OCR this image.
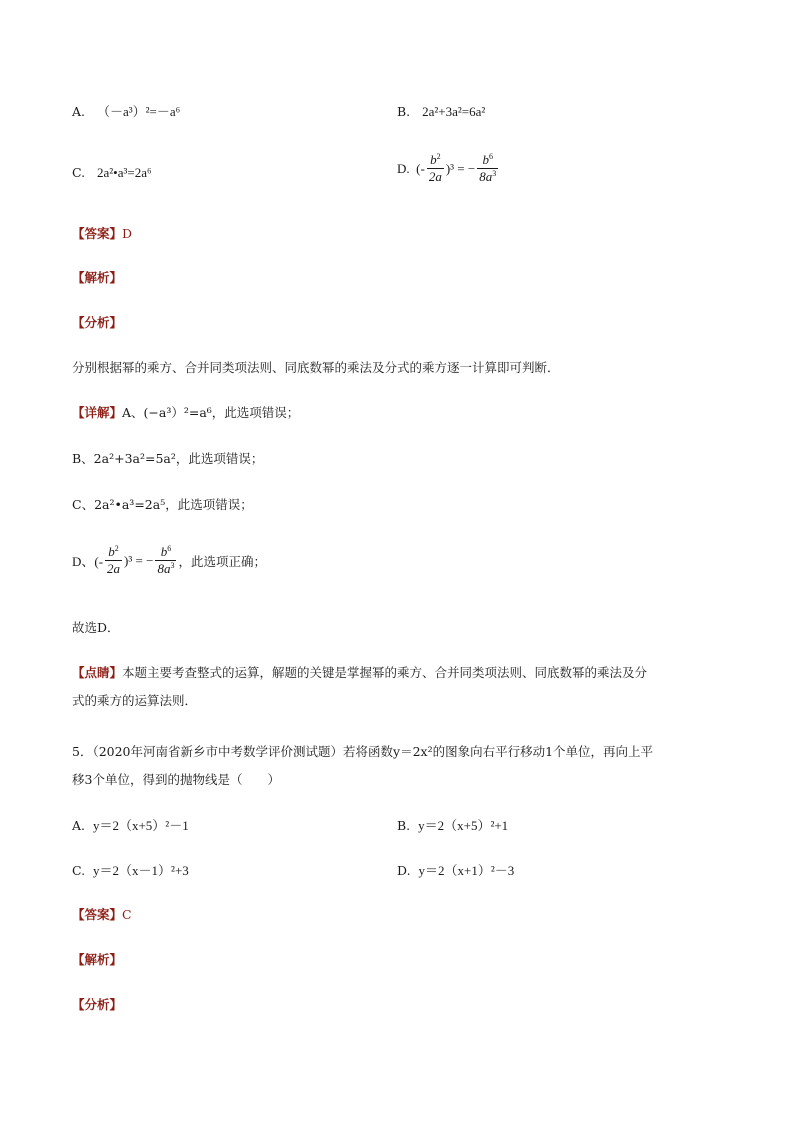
A. （－a³）²=－a⁶	B. 2a²+3a²=6a²
C. 2a²•a³=2a⁶	D.
(- $\frac{b^2}{2a} )^3$ = − $\frac{b^6}{8a^3}$
【答案】D
【解析】
【分析】
分别根据幂的乘方、合并同类项法则、同底数幂的乘法及分式的乘方逐一计算即可判断．
【详解】A、(−a³）²=a⁶，此选项错误；
B、2a²+3a²=5a²，此选项错误；
C、2a²•a³=2a⁵，此选项错误；
D、(- $\frac{b^2}{2a} )^3$ = − $\frac{b^6}{8a^3}$ ，此选项正确；
故选D．
【点睛】本题主要考查整式的运算，解题的关键是掌握幂的乘方、合并同类项法则、同底数幂的乘法及分
式的乘方的运算法则．
5．（2020年河南省新乡市中考数学评价测试题）若将函数y＝2x²的图象向右平行移动1个单位，再向上平
移3个单位，得到的抛物线是（　　）
A. y＝2（x+5）²－1	B. y＝2（x+5）²+1
C. y＝2（x－1）²+3	D. y＝2（x+1）²－3
【答案】C
【解析】
【分析】
